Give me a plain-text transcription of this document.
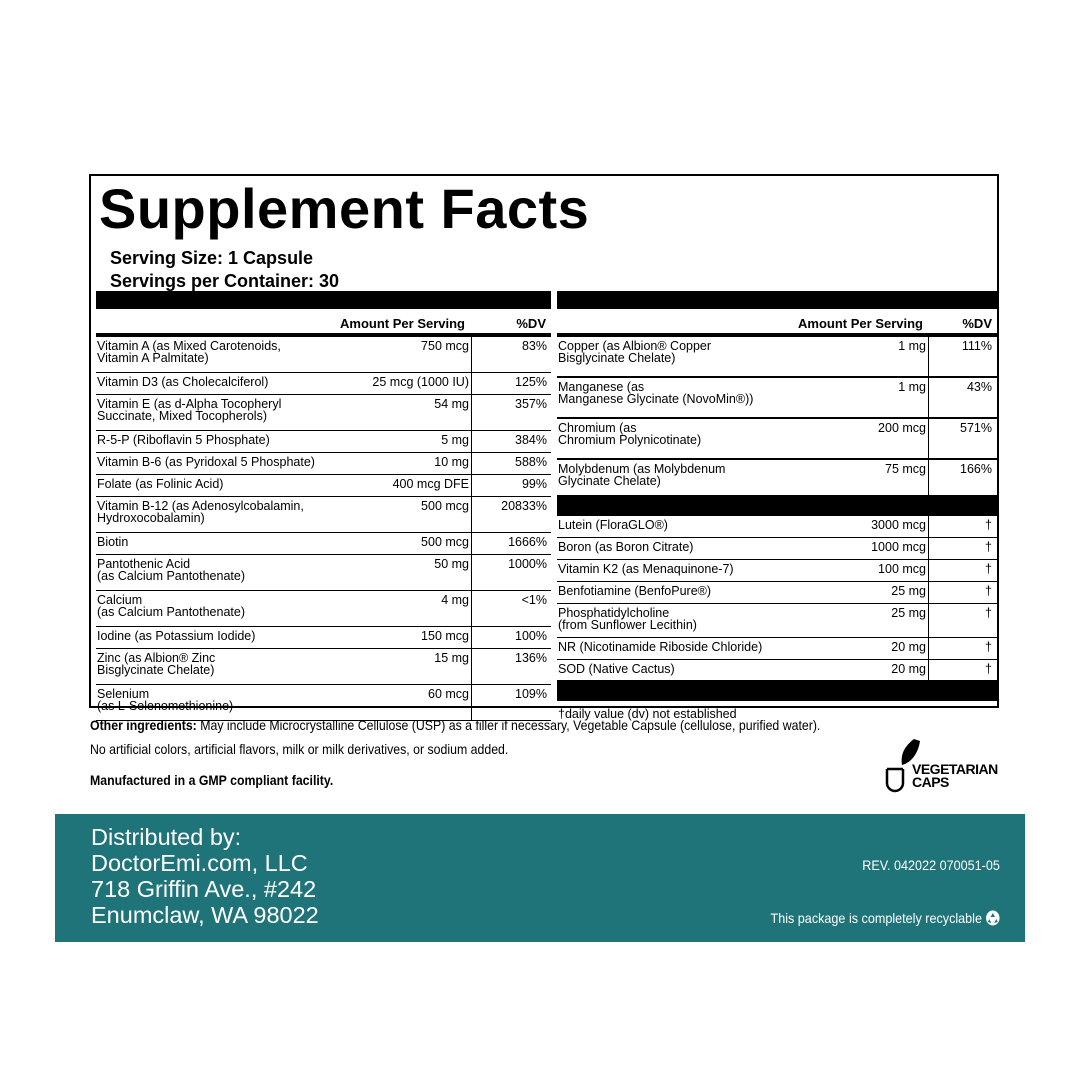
Supplement Facts
Serving Size: 1 Capsule
Servings per Container: 30
Amount Per Serving	%DV
Vitamin A (as Mixed Carotenoids,
Vitamin A Palmitate)
750 mcg	83%
Vitamin D3 (as Cholecalciferol)	25 mcg (1000 IU)	125%
Vitamin E (as d-Alpha Tocopheryl
Succinate, Mixed Tocopherols)
54 mg	357%
R-5-P (Riboflavin 5 Phosphate)	5 mg	384%
Vitamin B-6 (as Pyridoxal 5 Phosphate)	10 mg	588%
Folate (as Folinic Acid)	400 mcg DFE	99%
Vitamin B-12 (as Adenosylcobalamin,
Hydroxocobalamin)
500 mcg	20833%
Biotin	500 mcg	1666%
Pantothenic Acid
(as Calcium Pantothenate)
50 mg	1000%
Calcium
(as Calcium Pantothenate)
4 mg	<1%
Iodine (as Potassium Iodide)	150 mcg	100%
Zinc (as Albion® Zinc
Bisglycinate Chelate)
15 mg	136%
Selenium
(as L-Selenomethionine)
60 mcg	109%
Amount Per Serving	%DV
Copper (as Albion® Copper
Bisglycinate Chelate)
1 mg	111%
Manganese (as
Manganese Glycinate (NovoMin®))
1 mg	43%
Chromium (as
Chromium Polynicotinate)
200 mcg	571%
Molybdenum (as Molybdenum
Glycinate Chelate)
75 mcg	166%
Lutein (FloraGLO®)	3000 mcg	†
Boron (as Boron Citrate)	1000 mcg	†
Vitamin K2 (as Menaquinone-7)	100 mcg	†
Benfotiamine (BenfoPure®)	25 mg	†
Phosphatidylcholine
(from Sunflower Lecithin)
25 mg	†
NR (Nicotinamide Riboside Chloride)	20 mg	†
SOD (Native Cactus)	20 mg	†
†daily value (dv) not established
Other ingredients: May include Microcrystalline Cellulose (USP) as a filler if necessary, Vegetable Capsule (cellulose, purified water).
No artificial colors, artificial flavors, milk or milk derivatives, or sodium added.
Manufactured in a GMP compliant facility.
VEGETARIAN
CAPS
Distributed by:
DoctorEmi.com, LLC
718 Griffin Ave., #242
Enumclaw, WA 98022
REV. 042022 070051-05
This package is completely recyclable
